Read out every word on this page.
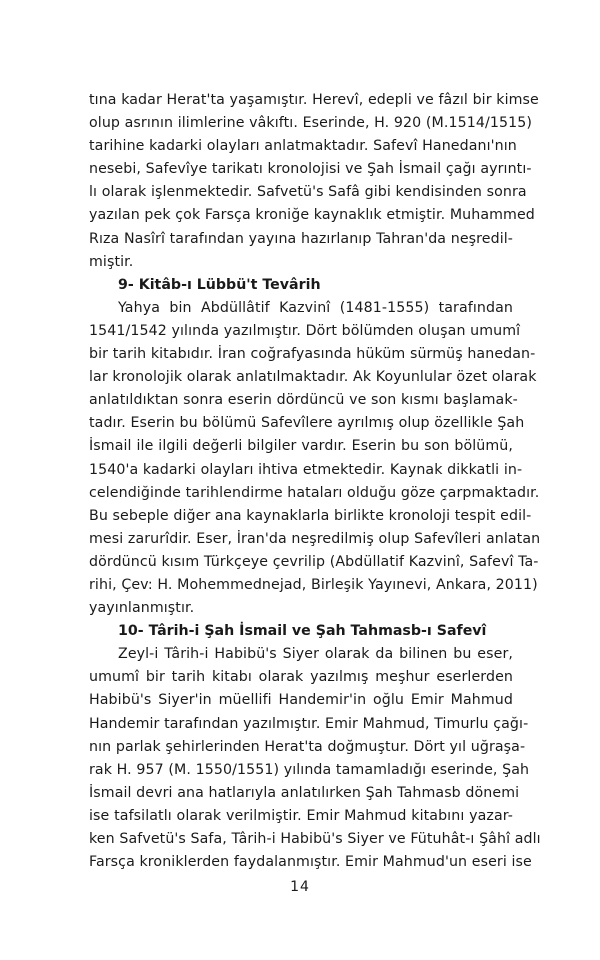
tına kadar Herat'ta yaşamıştır. Herevî, edepli ve fâzıl bir kimse
olup asrının ilimlerine vâkıftı. Eserinde, H. 920 (M.1514/1515)
tarihine kadarki olayları anlatmaktadır. Safevî Hanedanı'nın
nesebi, Safevîye tarikatı kronolojisi ve Şah İsmail çağı ayrıntı-
lı olarak işlenmektedir. Safvetü's Safâ gibi kendisinden sonra
yazılan pek çok Farsça kroniğe kaynaklık etmiştir. Muhammed
Rıza Nasîrî tarafından yayına hazırlanıp Tahran'da neşredil-
miştir.
9- Kitâb-ı Lübbü't Tevârih
Yahya bin Abdüllâtif Kazvinî (1481-1555) tarafından
1541/1542 yılında yazılmıştır. Dört bölümden oluşan umumî
bir tarih kitabıdır. İran coğrafyasında hüküm sürmüş hanedan-
lar kronolojik olarak anlatılmaktadır. Ak Koyunlular özet olarak
anlatıldıktan sonra eserin dördüncü ve son kısmı başlamak-
tadır. Eserin bu bölümü Safevîlere ayrılmış olup özellikle Şah
İsmail ile ilgili değerli bilgiler vardır. Eserin bu son bölümü,
1540'a kadarki olayları ihtiva etmektedir. Kaynak dikkatli in-
celendiğinde tarihlendirme hataları olduğu göze çarpmaktadır.
Bu sebeple diğer ana kaynaklarla birlikte kronoloji tespit edil-
mesi zarurîdir. Eser, İran'da neşredilmiş olup Safevîleri anlatan
dördüncü kısım Türkçeye çevrilip (Abdüllatif Kazvinî, Safevî Ta-
rihi, Çev: H. Mohemmednejad, Birleşik Yayınevi, Ankara, 2011)
yayınlanmıştır.
10- Târih-i Şah İsmail ve Şah Tahmasb-ı Safevî
Zeyl-i Târih-i Habibü's Siyer olarak da bilinen bu eser,
umumî bir tarih kitabı olarak yazılmış meşhur eserlerden
Habibü's Siyer'in müellifi Handemir'in oğlu Emir Mahmud
Handemir tarafından yazılmıştır. Emir Mahmud, Timurlu çağı-
nın parlak şehirlerinden Herat'ta doğmuştur. Dört yıl uğraşa-
rak H. 957 (M. 1550/1551) yılında tamamladığı eserinde, Şah
İsmail devri ana hatlarıyla anlatılırken Şah Tahmasb dönemi
ise tafsilatlı olarak verilmiştir. Emir Mahmud kitabını yazar-
ken Safvetü's Safa, Târih-i Habibü's Siyer ve Fütuhât-ı Şâhî adlı
Farsça kroniklerden faydalanmıştır. Emir Mahmud'un eseri ise
14
